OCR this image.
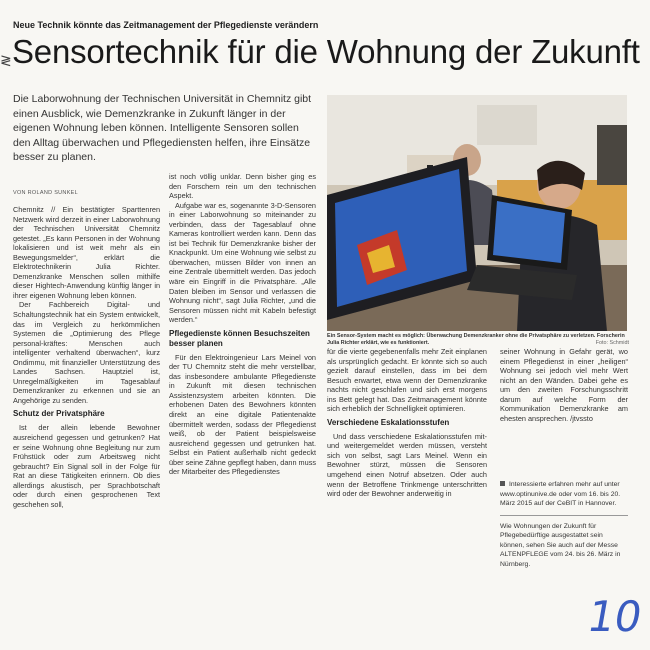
≷
Neue Technik könnte das Zeitmanagement der Pflegedienste verändern
Sensortechnik für die Wohnung der Zukunft
Die Laborwohnung der Technischen Universität in Chemnitz gibt einen Ausblick, wie Demenzkranke in Zukunft länger in der eigenen Wohnung leben können. Intelligente Sensoren sollen den Alltag überwachen und Pflegediensten helfen, ihre Einsätze besser zu planen.
VON ROLAND SUNKEL

Chemnitz // Ein bestätigter Sparttenren Netzwerk wird derzeit in einer Laborwohnung der Technischen Universität Chemnitz getestet. „Es kann Personen in der Wohnung lokalisieren und ist weit mehr als ein Bewegungsmelder“, erklärt die Elektrotechnikerin Julia Richter. Demenzkranke Menschen sollen mithilfe dieser Hightech-Anwendung künftig länger in ihrer eigenen Wohnung leben können.

Der Fachbereich Digital- und Schaltungstechnik hat ein System entwickelt, das im Vergleich zu herkömmlichen Systemen die „Optimierung des Pflege personal-kräftes: Menschen auch intelligenter verhaltend überwachen“, kurz Ondimmu, mit finanzieller Unterstützung des Landes Sachsen. Hauptziel ist, Unregelmäßigkeiten im Tagesablauf Demenzkranker zu erkennen und sie an Angehörige zu senden.

Schutz der Privatsphäre

Ist der allein lebende Bewohner ausreichend gegessen und getrunken? Hat er seine Wohnung ohne Begleitung nur zum Frühstück oder zum Arbeitsweg nicht gebraucht? Ein Signal soll in der Folge für Rat an diese Tätigkeiten erinnern. Ob dies allerdings akustisch, per Sprachbotschaft oder durch einen gesprochenen Text geschehen soll,

ist noch völlig unklar. Denn bisher ging es den Forschern rein um den technischen Aspekt.

Aufgabe war es, sogenannte 3-D-Sensoren in einer Laborwohnung so miteinander zu verbinden, dass der Tagesablauf ohne Kameras kontrolliert werden kann. Denn das ist bei Technik für Demenzkranke bisher der Knackpunkt. Um eine Wohnung wie selbst zu überwachen, müssen Bilder von innen an eine Zentrale übermittelt werden. Das jedoch wäre ein Eingriff in die Privatsphäre. „Alle Daten bleiben im Sensor und verlassen die Wohnung nicht“, sagt Julia Richter, „und die Sensoren müssen nicht mit Kabeln befestigt werden.“

Pflegedienste können Besuchszeiten besser planen

Für den Elektroingenieur Lars Meinel von der TU Chemnitz steht die mehr verstellbar, das insbesondere ambulante Pflegedienste in Zukunft mit diesen technischen Assistenzsystem arbeiten könnten. Die erhobenen Daten des Bewohners könnten direkt an eine digitale Patientenakte übermittelt werden, sodass der Pflegedienst weiß, ob der Patient beispielsweise ausreichend gegessen und getrunken hat. Selbst ein Patient außerhalb nicht gedeckt über seine Zähne gepflegt haben, dann muss der Mitarbeiter des Pflegedienstes

für die vierte gegebenenfalls mehr Zeit einplanen als ursprünglich gedacht. Er könnte sich so auch gezielt darauf einstellen, dass im bei dem Besuch erwartet, etwa wenn der Demenzkranke nachts nicht geschlafen und sich erst morgens ins Bett gelegt hat. Das Zeitmanagement könnte sich erheblich der Schnelligkeit optimieren.

Verschiedene Eskalationsstufen

Und dass verschiedene Eskalationsstufen mit- und weitergemeldet werden müssen, versteht sich von selbst, sagt Lars Meinel. Wenn ein Bewohner stürzt, müssen die Sensoren umgehend einen Notruf absetzen. Oder auch wenn der Betroffene Trinkmenge unterschritten wird oder der Bewohner anderweitig in

seiner Wohnung in Gefahr gerät, wo einem Pflegedienst in einer „heiligen“ Wohnung sei jedoch viel mehr Wert nicht an den Wänden. Dabei gehe es um den zweiten Forschungsschritt darum auf welche Form der Kommunikation Demenzkranke am ehesten ansprechen. /jtvssto

Ein Sensor-System macht es möglich: Überwachung Demenzkranker ohne die Privatsphäre zu verletzen. Forscherin Julia Richter erklärt, wie es funktioniert.	Foto: Schmidt
Interessierte erfahren mehr auf unter www.optinunive.de oder vom 16. bis 20. März 2015 auf der CeBIT in Hannover.
Wie Wohnungen der Zukunft für Pflegebedürftige ausgestattet sein können, sehen Sie auch auf der Messe ALTENPFLEGE vom 24. bis 26. März in Nürnberg.
10
